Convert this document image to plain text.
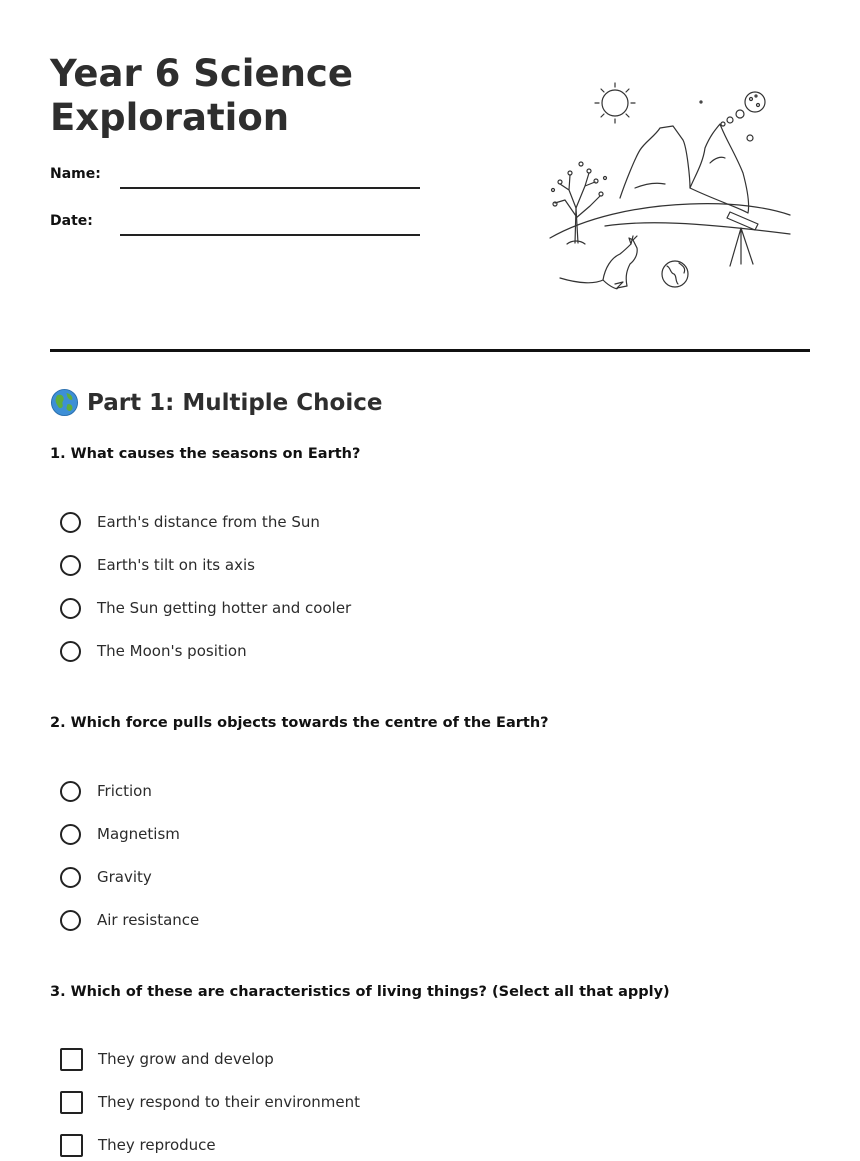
Year 6 Science Exploration
Name:
Date:
Part 1: Multiple Choice

1. What causes the seasons on Earth?

Earth's distance from the Sun
Earth's tilt on its axis
The Sun getting hotter and cooler
The Moon's position

2. Which force pulls objects towards the centre of the Earth?

Friction
Magnetism
Gravity
Air resistance

3. Which of these are characteristics of living things? (Select all that apply)

They grow and develop
They respond to their environment
They reproduce
